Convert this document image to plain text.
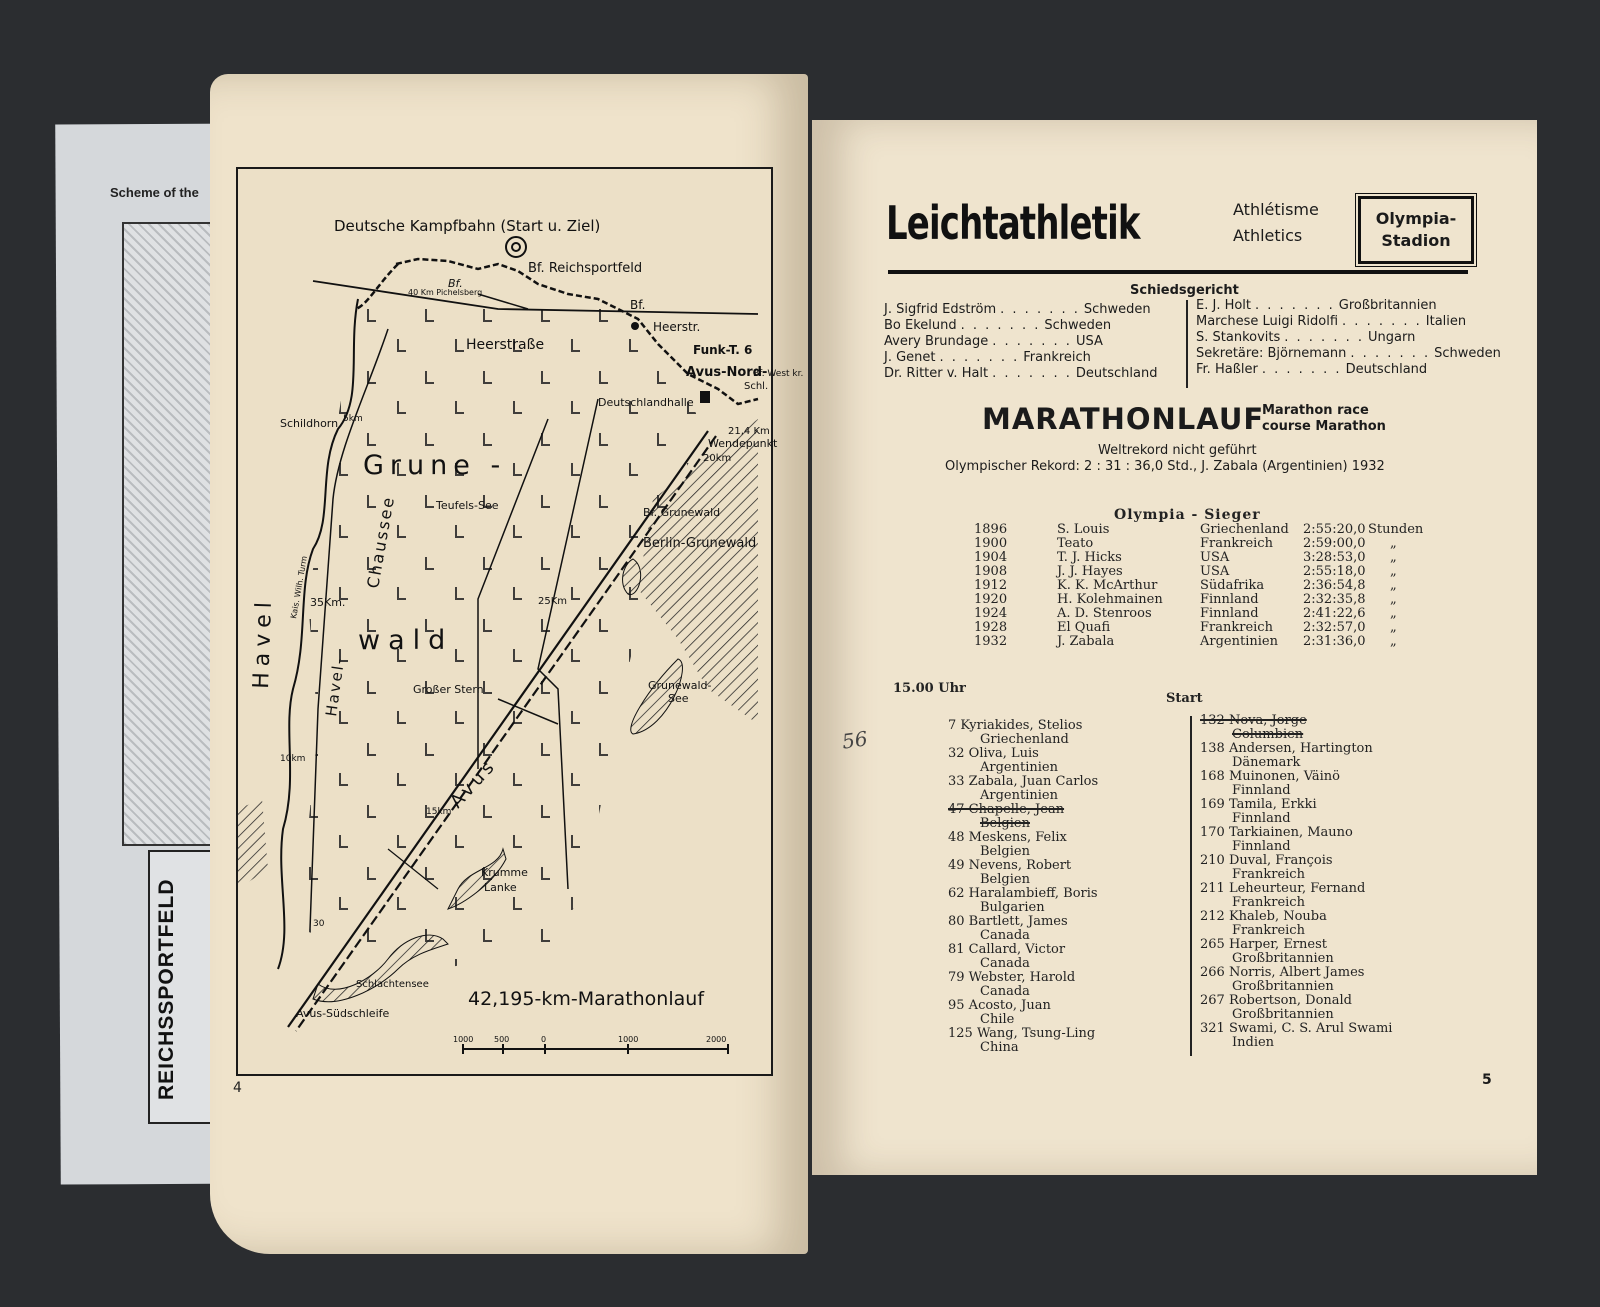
Scheme of the
REICHSSPORTFELD
Deutsche Kampfbahn (Start u. Ziel)
Bf. Reichsportfeld
Bf.
Bf.
40 Km Pichelsberg
Heerstr.
Heerstraße	Funk-T. 6
Avus-Nord-
Schl.
Bf. West kr.
Deutschlandhalle
21,4 Km
Wendepunkt
20km
Schildhorn 5km
Grune -
wald
Teufels-See
Chaussee
Havel	Havel-
35Km.
Kais. Wilh. Turm
Bf. Grunewald
Berlin-Grunewald
25Km
Großer Stern	Grunewald-
See
10km	Avus
15km
Krumme
Lanke
30
Schlachtensee
Avus-Südschleife
42,195-km-Marathonlauf
1000	500	0	1000	2000
4
Leichtathletik	Athlétisme
Athletics
Olympia-
Stadion
Schiedsgericht
MARATHONLAUF
Marathon race
course Marathon
Weltrekord nicht geführt
Olympischer Rekord: 2 : 31 : 36,0 Std., J. Zabala (Argentinien) 1932
Olympia - Sieger
15.00 Uhr
Start
56
5
J. Sigfrid Edström . . . . . . . Schweden
Bo Ekelund . . . . . . . Schweden
Avery Brundage . . . . . . . USA
J. Genet . . . . . . . Frankreich
Dr. Ritter v. Halt . . . . . . . Deutschland
E. J. Holt . . . . . . . Großbritannien
Marchese Luigi Ridolfi . . . . . . . Italien
S. Stankovits . . . . . . . Ungarn
Sekretäre: Björnemann . . . . . . . Schweden
Fr. Haßler . . . . . . . Deutschland
1896	S. Louis	Griechenland 2:55:20,0 Stunden
1900	Teato	Frankreich 2:59:00,0 „
1904	T. J. Hicks	USA	3:28:53,0 „
1908	J. J. Hayes	USA	2:55:18,0 „
1912	K. K. McArthur	Südafrika	2:36:54,8 „
1920	H. Kolehmainen	Finnland	2:32:35,8 „
1924	A. D. Stenroos	Finnland	2:41:22,6 „
1928	El Quafi	Frankreich 2:32:57,0 „
1932	J. Zabala	Argentinien 2:31:36,0 „
7 Kyriakides, Stelios
Griechenland
32 Oliva, Luis
Argentinien
33 Zabala, Juan Carlos
Argentinien
47 Chapelle, Jean
Belgien
48 Meskens, Felix
Belgien
49 Nevens, Robert
Belgien
62 Haralambieff, Boris
Bulgarien
80 Bartlett, James
Canada
81 Callard, Victor
Canada
79 Webster, Harold
Canada
95 Acosto, Juan
Chile
125 Wang, Tsung-Ling
China
132 Nova, Jorge
Columbien
138 Andersen, Hartington
Dänemark
168 Muinonen, Väinö
Finnland
169 Tamila, Erkki
Finnland
170 Tarkiainen, Mauno
Finnland
210 Duval, François
Frankreich
211 Leheurteur, Fernand
Frankreich
212 Khaleb, Nouba
Frankreich
265 Harper, Ernest
Großbritannien
266 Norris, Albert James
Großbritannien
267 Robertson, Donald
Großbritannien
321 Swami, C. S. Arul Swami
Indien
